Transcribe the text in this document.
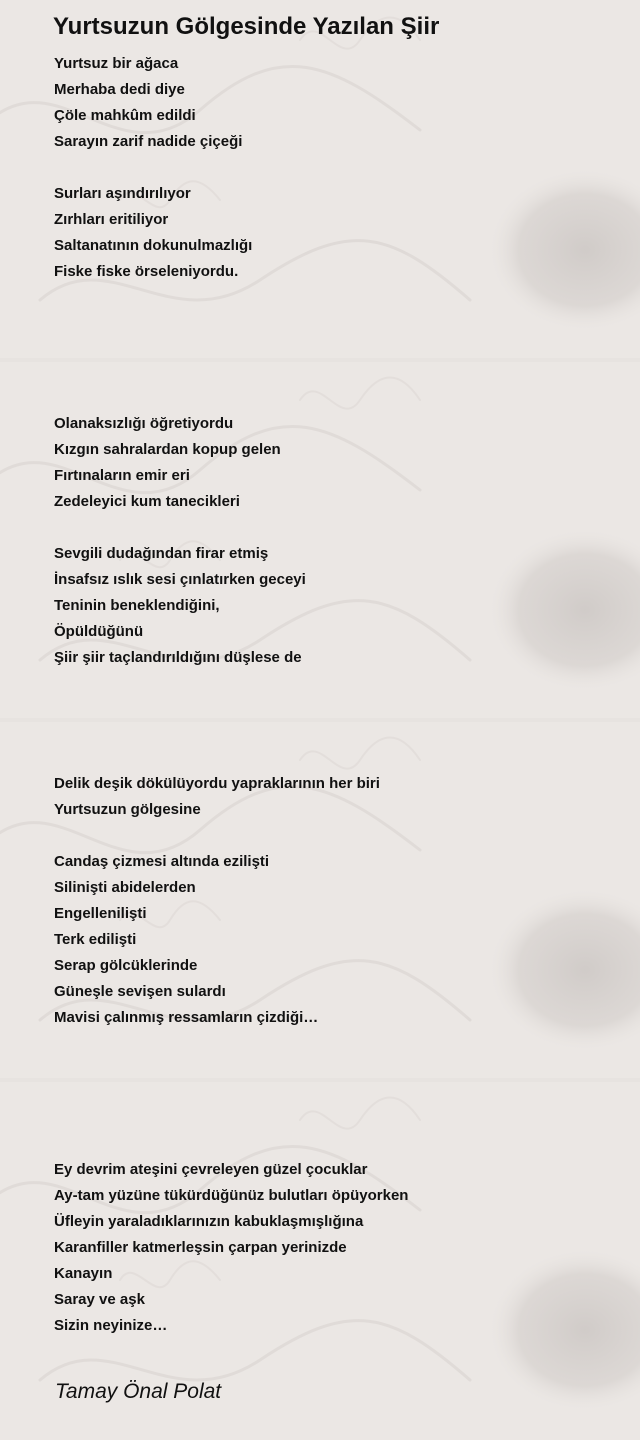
Yurtsuzun Gölgesinde Yazılan Şiir
Yurtsuz bir ağaca
Merhaba dedi diye
Çöle mahkûm edildi
Sarayın zarif nadide çiçeği
Surları aşındırılıyor
Zırhları eritiliyor
Saltanatının dokunulmazlığı
Fiske fiske örseleniyordu.
Olanaksızlığı öğretiyordu
Kızgın sahralardan kopup gelen
Fırtınaların emir eri
Zedeleyici kum tanecikleri
Sevgili dudağından firar etmiş
İnsafsız ıslık sesi çınlatırken geceyi
Teninin beneklendiğini,
Öpüldüğünü
Şiir şiir taçlandırıldığını düşlese de
Delik deşik dökülüyordu yapraklarının her biri
Yurtsuzun gölgesine
Candaş çizmesi altında ezilişti
Silinişti abidelerden
Engellenilişti
Terk edilişti
Serap gölcüklerinde
Güneşle sevişen sulardı
Mavisi çalınmış ressamların çizdiği…
Ey devrim ateşini çevreleyen güzel çocuklar
Ay-tam yüzüne tükürdüğünüz bulutları öpüyorken
Üfleyin yaraladıklarınızın kabuklaşmışlığına
Karanfiller katmerleşsin çarpan yerinizde
Kanayın
Saray ve aşk
Sizin neyinize…
Tamay Önal Polat
